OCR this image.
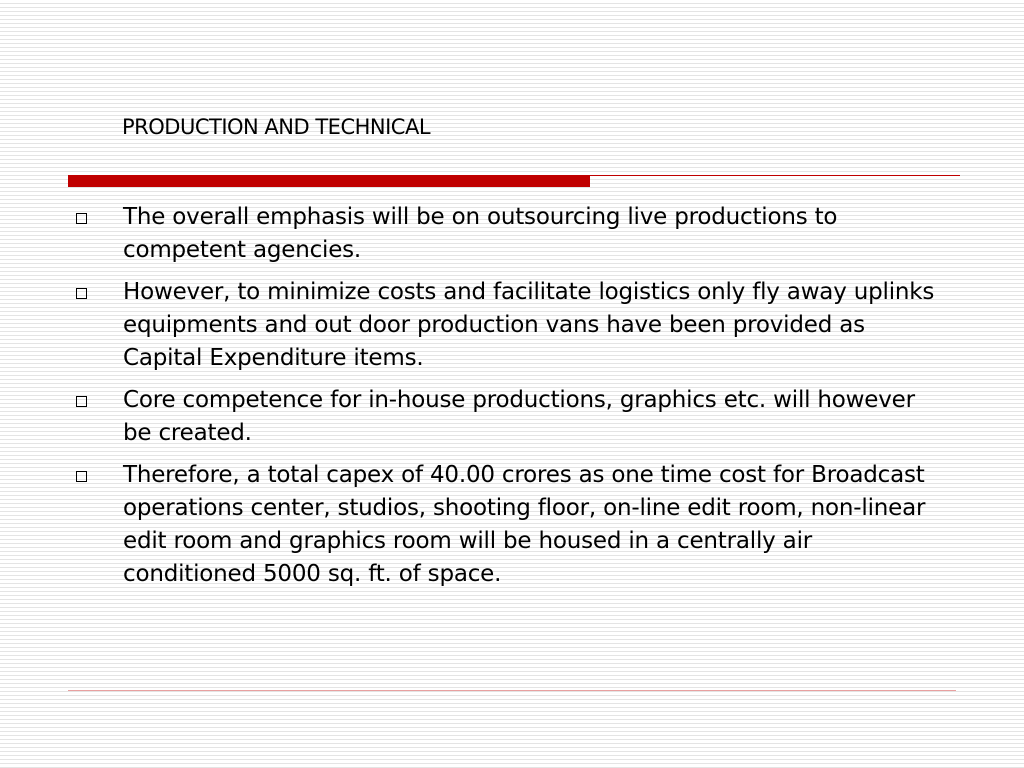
PRODUCTION AND TECHNICAL
The overall emphasis will be on outsourcing live productions to competent agencies.
However, to minimize costs and facilitate logistics only fly away uplinks equipments and out door production vans have been provided as Capital Expenditure items.
Core competence for in-house productions, graphics etc. will however be created.
Therefore, a total capex of 40.00 crores as one time cost for Broadcast operations center, studios, shooting floor, on-line edit room, non-linear edit room and graphics room will be housed in a centrally air conditioned 5000 sq. ft. of space.
